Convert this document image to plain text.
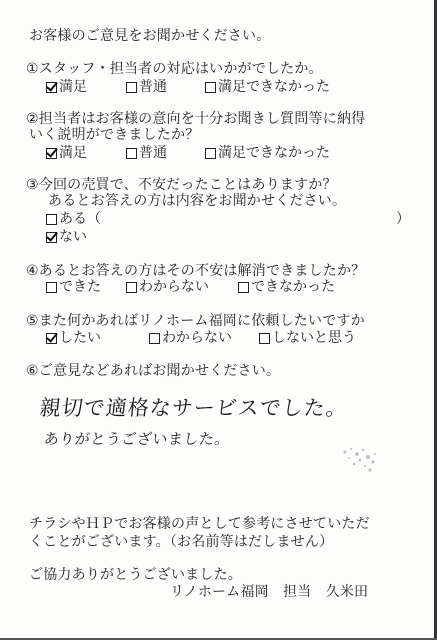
お客様のご意見をお聞かせください。
①スタッフ・担当者の対応はいかがでしたか。
満足	普通	満足できなかった
②担当者はお客様の意向を十分お聞きし質問等に納得
いく説明ができましたか？
満足	普通	満足できなかった
③今回の売買で、不安だったことはありますか？
あるとお答えの方は内容をお聞かせください。
ある（	）
ない
④あるとお答えの方はその不安は解消できましたか？
できた	わからない	できなかった
⑤また何かあればリノホーム福岡に依頼したいですか
したい	わからない	しないと思う
⑥ご意見などあればお聞かせください。
親切で適格なサービスでした。
ありがとうございました。
チラシやＨＰでお客様の声として参考にさせていただ
くことがございます。（お名前等はだしません）
ご協力ありがとうございました。
リノホーム福岡　担当　久米田
